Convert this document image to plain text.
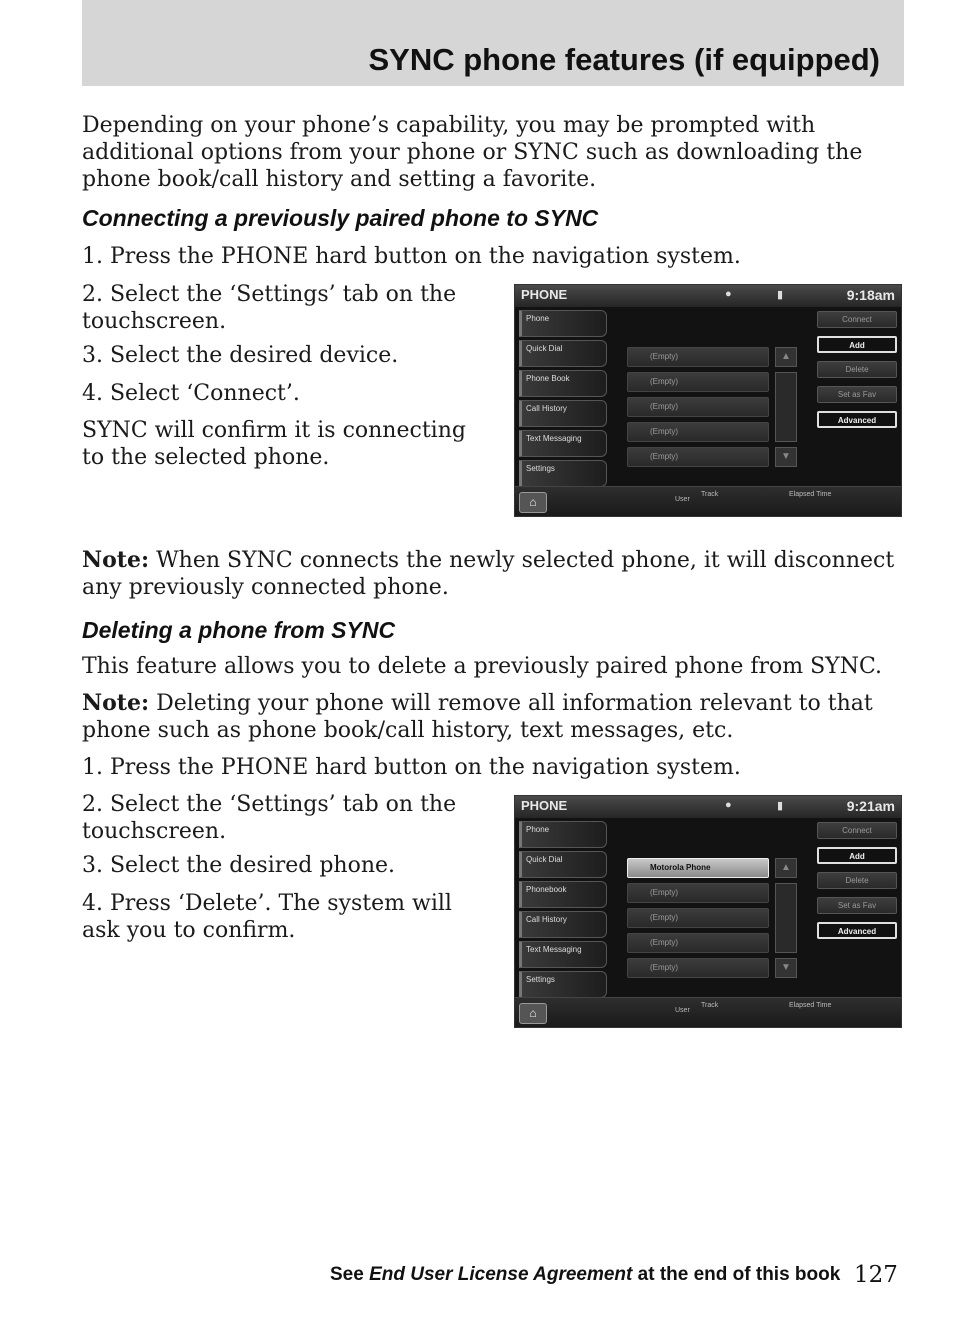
SYNC phone features (if equipped)

Depending on your phone’s capability, you may be prompted with additional options from your phone or SYNC such as downloading the phone book/call history and setting a favorite.

Connecting a previously paired phone to SYNC

1. Press the PHONE hard button on the navigation system.

2. Select the ‘Settings’ tab on the touchscreen.

3. Select the desired device.

4. Select ‘Connect’.

SYNC will confirm it is connecting to the selected phone.

PHONE	●	▮	9:18am
Phone
Quick Dial
Phone Book
Call History
Text Messaging
Settings
(Empty)
(Empty)
(Empty)
(Empty)
(Empty)
▲
▼
Connect
Add
Delete
Set as Fav
Advanced
⌂	User
Track	Elapsed Time

Note: When SYNC connects the newly selected phone, it will disconnect any previously connected phone.

Deleting a phone from SYNC

This feature allows you to delete a previously paired phone from SYNC.

Note: Deleting your phone will remove all information relevant to that phone such as phone book/call history, text messages, etc.

1. Press the PHONE hard button on the navigation system.

2. Select the ‘Settings’ tab on the touchscreen.

3. Select the desired phone.

4. Press ‘Delete’. The system will ask you to confirm.

PHONE	●	▮	9:21am
Phone
Quick Dial
Phonebook
Call History
Text Messaging
Settings
Motorola Phone
(Empty)
(Empty)
(Empty)
(Empty)
▲
▼
Connect
Add
Delete
Set as Fav
Advanced
⌂	User
Track	Elapsed Time
See End User License Agreement at the end of this book 127
